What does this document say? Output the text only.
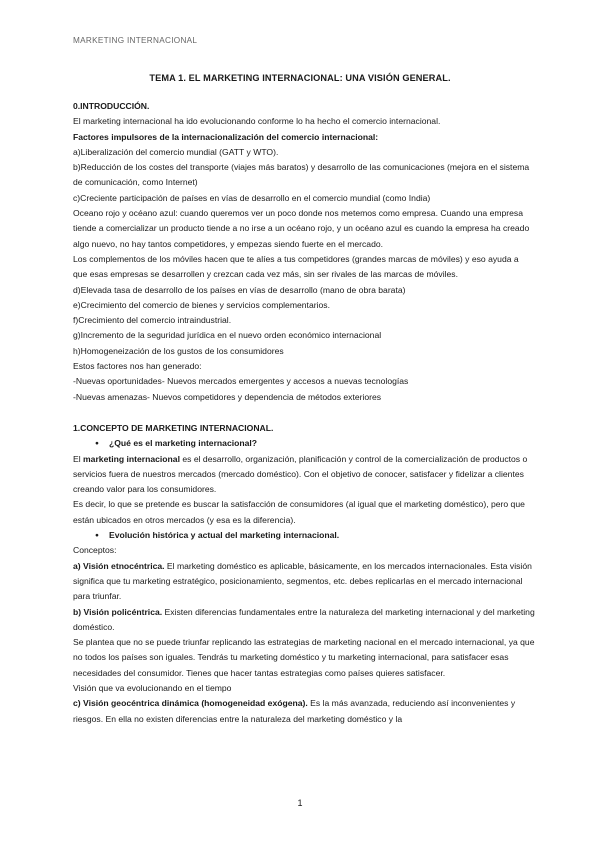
MARKETING INTERNACIONAL
TEMA 1. EL MARKETING INTERNACIONAL: UNA VISIÓN GENERAL.

0.INTRODUCCIÓN.

El marketing internacional ha ido evolucionando conforme lo ha hecho el comercio internacional.

Factores impulsores de la internacionalización del comercio internacional:

a)Liberalización del comercio mundial (GATT y WTO).

b)Reducción de los costes del transporte (viajes más baratos) y desarrollo de las comunicaciones (mejora en el sistema de comunicación, como Internet)

c)Creciente participación de países en vías de desarrollo en el comercio mundial (como India)

Oceano rojo y océano azul: cuando queremos ver un poco donde nos metemos como empresa. Cuando una empresa tiende a comercializar un producto tiende a no irse a un océano rojo, y un océano azul es cuando la empresa ha creado algo nuevo, no hay tantos competidores, y empezas siendo fuerte en el mercado.

Los complementos de los móviles hacen que te alíes a tus competidores (grandes marcas de móviles) y eso ayuda a que esas empresas se desarrollen y crezcan cada vez más, sin ser rivales de las marcas de móviles.

d)Elevada tasa de desarrollo de los países en vías de desarrollo (mano de obra barata)

e)Crecimiento del comercio de bienes y servicios complementarios.

f)Crecimiento del comercio intraindustrial.

g)Incremento de la seguridad jurídica en el nuevo orden económico internacional

h)Homogeneización de los gustos de los consumidores

Estos factores nos han generado:

-Nuevas oportunidades- Nuevos mercados emergentes y accesos a nuevas tecnologías

-Nuevas amenazas- Nuevos competidores y dependencia de métodos exteriores

1.CONCEPTO DE MARKETING INTERNACIONAL.

● ¿Qué es el marketing internacional?

El marketing internacional es el desarrollo, organización, planificación y control de la comercialización de productos o servicios fuera de nuestros mercados (mercado doméstico). Con el objetivo de conocer, satisfacer y fidelizar a clientes creando valor para los consumidores.

Es decir, lo que se pretende es buscar la satisfacción de consumidores (al igual que el marketing doméstico), pero que están ubicados en otros mercados (y esa es la diferencia).

● Evolución histórica y actual del marketing internacional.

Conceptos:

a) Visión etnocéntrica. El marketing doméstico es aplicable, básicamente, en los mercados internacionales. Esta visión significa que tu marketing estratégico, posicionamiento, segmentos, etc. debes replicarlas en el mercado internacional para triunfar.

b) Visión policéntrica. Existen diferencias fundamentales entre la naturaleza del marketing internacional y del marketing doméstico.

Se plantea que no se puede triunfar replicando las estrategias de marketing nacional en el mercado internacional, ya que no todos los países son iguales. Tendrás tu marketing doméstico y tu marketing internacional, para satisfacer esas necesidades del consumidor. Tienes que hacer tantas estrategias como países quieres satisfacer.

Visión que va evolucionando en el tiempo

c) Visión geocéntrica dinámica (homogeneidad exógena). Es la más avanzada, reduciendo así inconvenientes y riesgos. En ella no existen diferencias entre la naturaleza del marketing doméstico y la

1
